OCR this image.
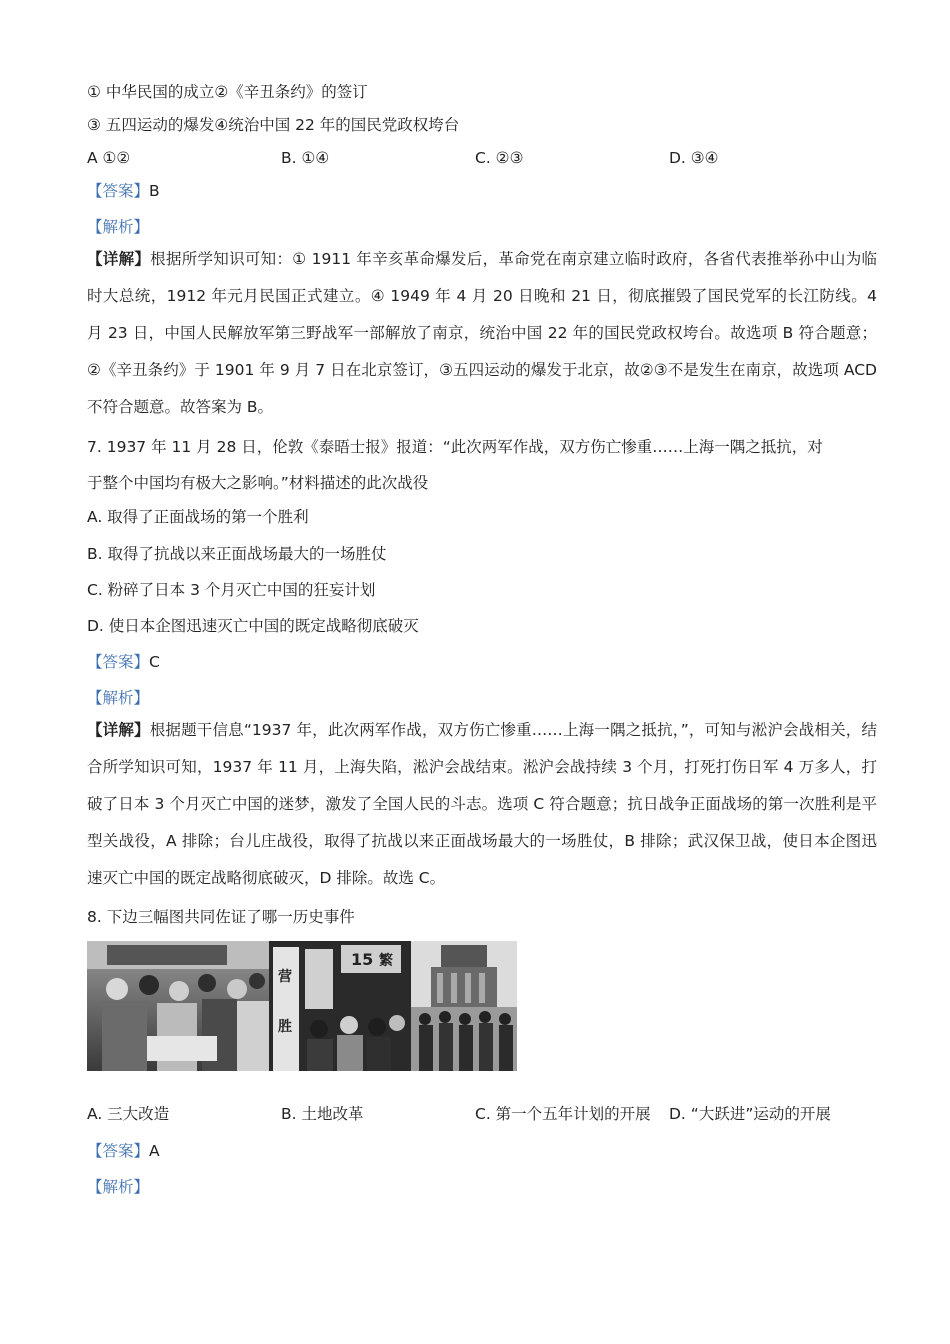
① 中华民国的成立②《辛丑条约》的签订
③ 五四运动的爆发④统治中国 22 年的国民党政权垮台
A ①②	B. ①④	C. ②③	D. ③④
【答案】B
【解析】
【详解】根据所学知识可知：① 1911 年辛亥革命爆发后，革命党在南京建立临时政府，各省代表推举孙中山为临时大总统，1912 年元月民国正式建立。④ 1949 年 4 月 20 日晚和 21 日，彻底摧毁了国民党军的长江防线。4 月 23 日，中国人民解放军第三野战军一部解放了南京，统治中国 22 年的国民党政权垮台。故选项 B 符合题意；②《辛丑条约》于 1901 年 9 月 7 日在北京签订，③五四运动的爆发于北京，故②③不是发生在南京，故选项 ACD 不符合题意。故答案为 B。
7. 1937 年 11 月 28 日，伦敦《泰晤士报》报道：“此次两军作战，双方伤亡惨重……上海一隅之抵抗，对
于整个中国均有极大之影响。”材料描述的此次战役
A. 取得了正面战场的第一个胜利
B. 取得了抗战以来正面战场最大的一场胜仗
C. 粉碎了日本 3 个月灭亡中国的狂妄计划
D. 使日本企图迅速灭亡中国的既定战略彻底破灭
【答案】C
【解析】
【详解】根据题干信息“1937 年，此次两军作战，双方伤亡惨重……上海一隅之抵抗，”，可知与淞沪会战相关，结合所学知识可知，1937 年 11 月，上海失陷，淞沪会战结束。淞沪会战持续 3 个月，打死打伤日军 4 万多人，打破了日本 3 个月灭亡中国的迷梦，激发了全国人民的斗志。选项 C 符合题意；抗日战争正面战场的第一次胜利是平型关战役，A 排除；台儿庄战役，取得了抗战以来正面战场最大的一场胜仗，B 排除；武汉保卫战，使日本企图迅速灭亡中国的既定战略彻底破灭，D 排除。故选 C。
8. 下边三幅图共同佐证了哪一历史事件
15 繁
营
胜
A. 三大改造	B. 土地改革	C. 第一个五年计划的开展 D. “大跃进”运动的开展
【答案】A
【解析】
